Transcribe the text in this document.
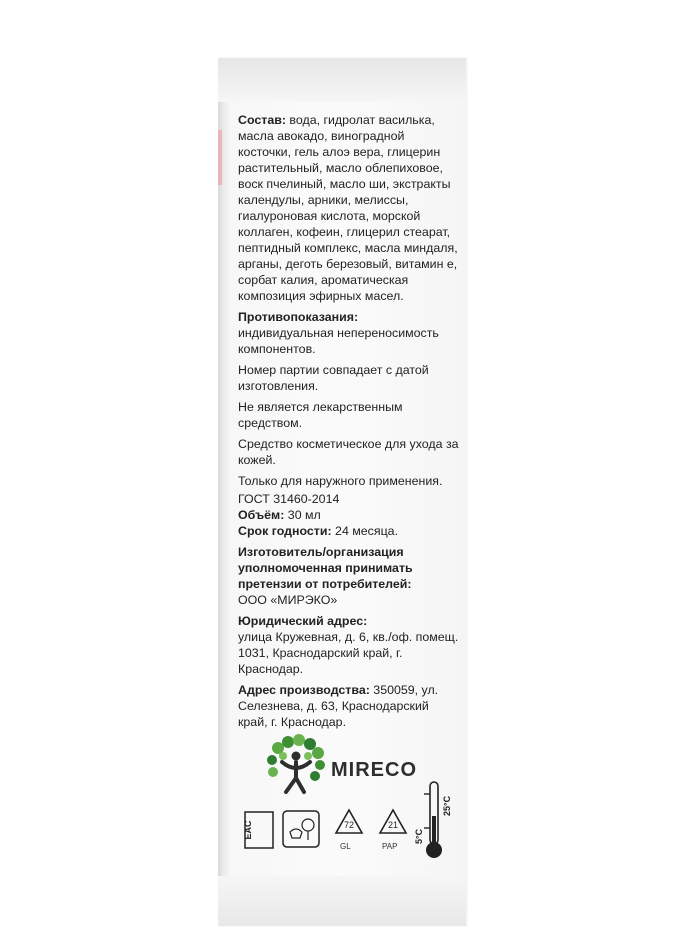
Состав: вода, гидролат василька, масла авокадо, виноградной косточки, гель алоэ вера, глицерин растительный, масло облепиховое, воск пчелиный, масло ши, экстракты календулы, арники, мелиссы, гиалуроновая кислота, морской коллаген, кофеин, глицерил стеарат, пептидный комплекс, масла миндаля, арганы, деготь березовый, витамин е, сорбат калия, ароматическая композиция эфирных масел.

Противопоказания:
индивидуальная непереносимость компонентов.

Номер партии совпадает с датой изготовления.

Не является лекарственным средством.

Средство косметическое для ухода за кожей.

Только для наружного применения.

ГОСТ 31460-2014
Объём: 30 мл

Срок годности: 24 месяца.

Изготовитель/организация уполномоченная принимать претензии от потребителей:
ООО «МИРЭКО»

Юридический адрес:
улица Кружевная, д. 6, кв./оф. помещ. 1031, Краснодарский край, г. Краснодар.

Адрес производства: 350059, ул. Селезнева, д. 63, Краснодарский край, г. Краснодар.

MIRECO
EAC	72
GL
21
PAP
5°C
25°C
